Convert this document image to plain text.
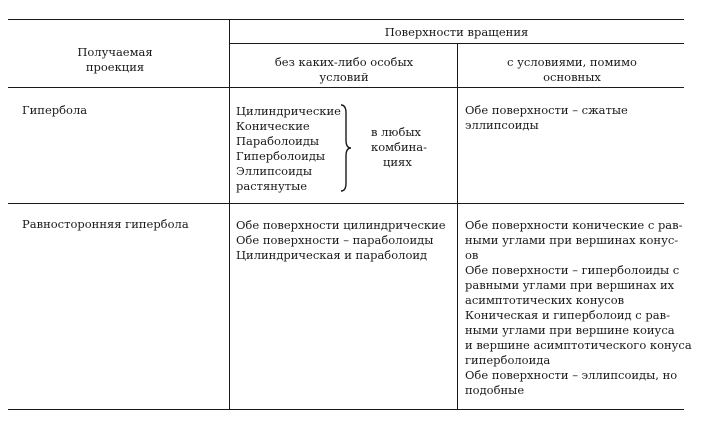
Получаемая проекция
Поверхности вращения
без каких-либо особых условий
с условиями, помимо основных
Гипербола	Цилиндрические
Конические
Параболоиды
Гиперболоиды
Эллипсоиды
растянутые
в любых
комбина-
циях
Обе поверхности – сжатые
эллипсоиды
Равносторонняя гипербола	Обе поверхности цилиндрические
Обе поверхности – параболоиды
Цилиндрическая и параболоид
Обе поверхности конические с рав-
ными углами при вершинах конус-
ов
Обе поверхности – гиперболоиды с
равными углами при вершинах их
асимптотических конусов
Коническая и гиперболоид с рав-
ными углами при вершине коиуса
и вершине асимптотического конуса
гиперболоида
Обе поверхности – эллипсоиды, но
подобные
